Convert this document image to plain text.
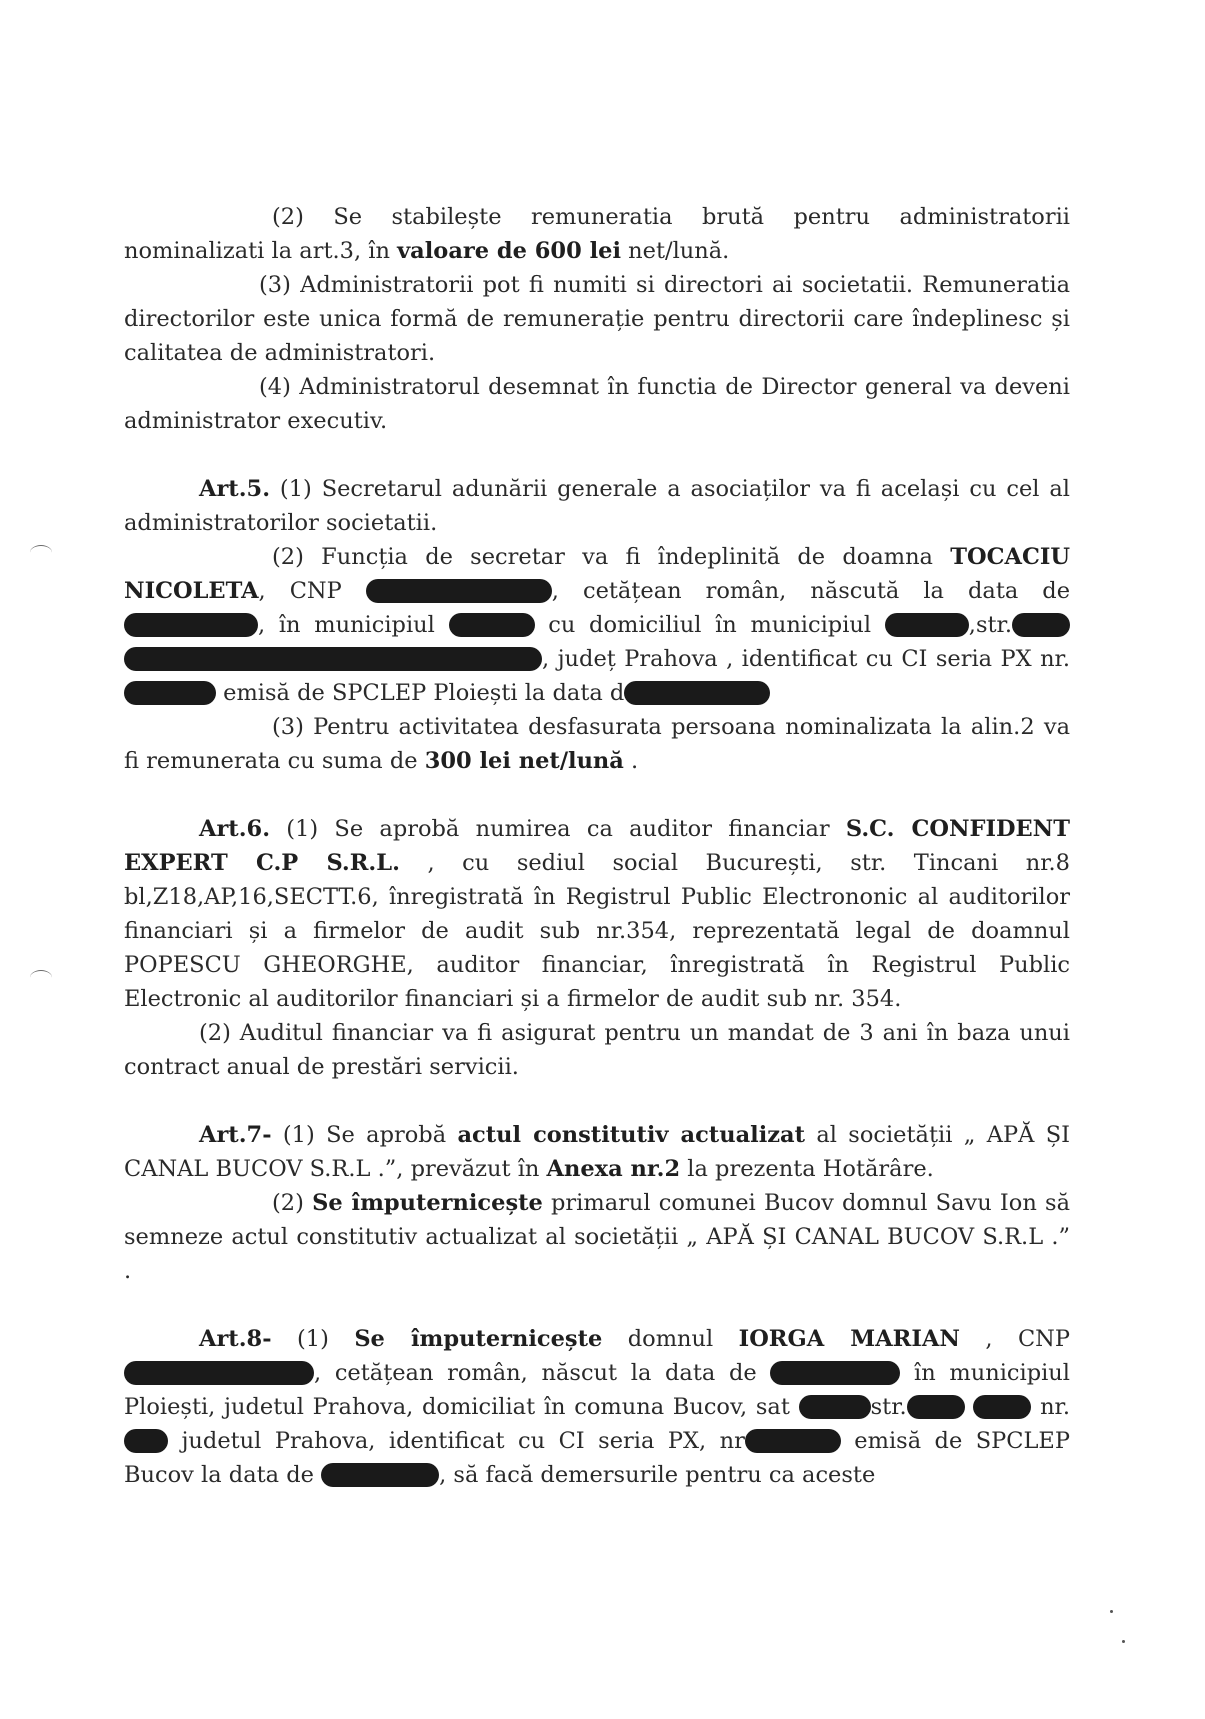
(2) Se stabilește remuneratia brută pentru administratorii nominalizati la art.3, în valoare de 600 lei net/lună.

(3) Administratorii pot fi numiti si directori ai societatii. Remuneratia directorilor este unica formă de remunerație pentru directorii care îndeplinesc și calitatea de administratori.

(4) Administratorul desemnat în functia de Director general va deveni administrator executiv.

Art.5. (1) Secretarul adunării generale a asociaților va fi același cu cel al administratorilor societatii.

(2) Funcția de secretar va fi îndeplinită de doamna TOCACIU NICOLETA, CNP	, cetățean român, născută la data de , în municipiul	cu domiciliul în municipiul	,str. , județ Prahova , identificat cu CI seria PX nr. emisă de SPCLEP Ploiești la data d

(3) Pentru activitatea desfasurata persoana nominalizata la alin.2 va fi remunerata cu suma de 300 lei net/lună .

Art.6. (1) Se aprobă numirea ca auditor financiar S.C. CONFIDENT EXPERT C.P S.R.L. , cu sediul social București, str. Tincani nr.8 bl,Z18,AP,16,SECTT.6, înregistrată în Registrul Public Electrononic al auditorilor financiari și a firmelor de audit sub nr.354, reprezentată legal de doamnul POPESCU GHEORGHE, auditor financiar, înregistrată în Registrul Public Electronic al auditorilor financiari și a firmelor de audit sub nr. 354.

(2) Auditul financiar va fi asigurat pentru un mandat de 3 ani în baza unui contract anual de prestări servicii.

Art.7- (1) Se aprobă actul constitutiv actualizat al societății „ APĂ ȘI CANAL BUCOV S.R.L .”, prevăzut în Anexa nr.2 la prezenta Hotărâre.

(2) Se împuternicește primarul comunei Bucov domnul Savu Ion să semneze actul constitutiv actualizat al societății „ APĂ ȘI CANAL BUCOV S.R.L .” .

Art.8- (1) Se împuternicește domnul IORGA MARIAN , CNP , cetățean român, născut la data de	în municipiul Ploiești, judetul Prahova, domiciliat în comuna Bucov, sat	str.	nr. judetul Prahova, identificat cu CI seria PX, nr	emisă de SPCLEP Bucov la data de	, să facă demersurile pentru ca aceste
